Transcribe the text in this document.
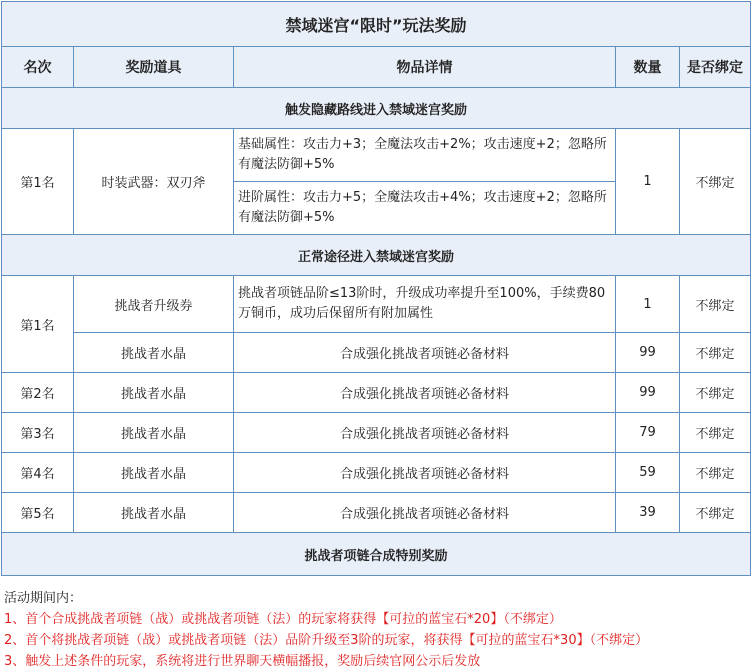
禁域迷宫“限时”玩法奖励				
名次	奖励道具	物品详情	数量	是否绑定
触发隐藏路线进入禁域迷宫奖励				
第1名	时装武器：双刃斧	基础属性：攻击力+3；全魔法攻击+2%；攻击速度+2；忽略所有魔法防御+5%	1	不绑定
		进阶属性：攻击力+5；全魔法攻击+4%；攻击速度+2；忽略所有魔法防御+5%		
正常途径进入禁域迷宫奖励				
第1名	挑战者升级券	挑战者项链品阶≤13阶时，升级成功率提升至100%，手续费80万铜币，成功后保留所有附加属性	1	不绑定
	挑战者水晶	合成强化挑战者项链必备材料	99	不绑定
第2名	挑战者水晶	合成强化挑战者项链必备材料	99	不绑定
第3名	挑战者水晶	合成强化挑战者项链必备材料	79	不绑定
第4名	挑战者水晶	合成强化挑战者项链必备材料	59	不绑定
第5名	挑战者水晶	合成强化挑战者项链必备材料	39	不绑定
挑战者项链合成特别奖励				
活动期间内：
1、首个合成挑战者项链（战）或挑战者项链（法）的玩家将获得【可拉的蓝宝石*20】（不绑定）
2、首个将挑战者项链（战）或挑战者项链（法）品阶升级至3阶的玩家，将获得【可拉的蓝宝石*30】（不绑定）
3、触发上述条件的玩家，系统将进行世界聊天横幅播报，奖励后续官网公示后发放
